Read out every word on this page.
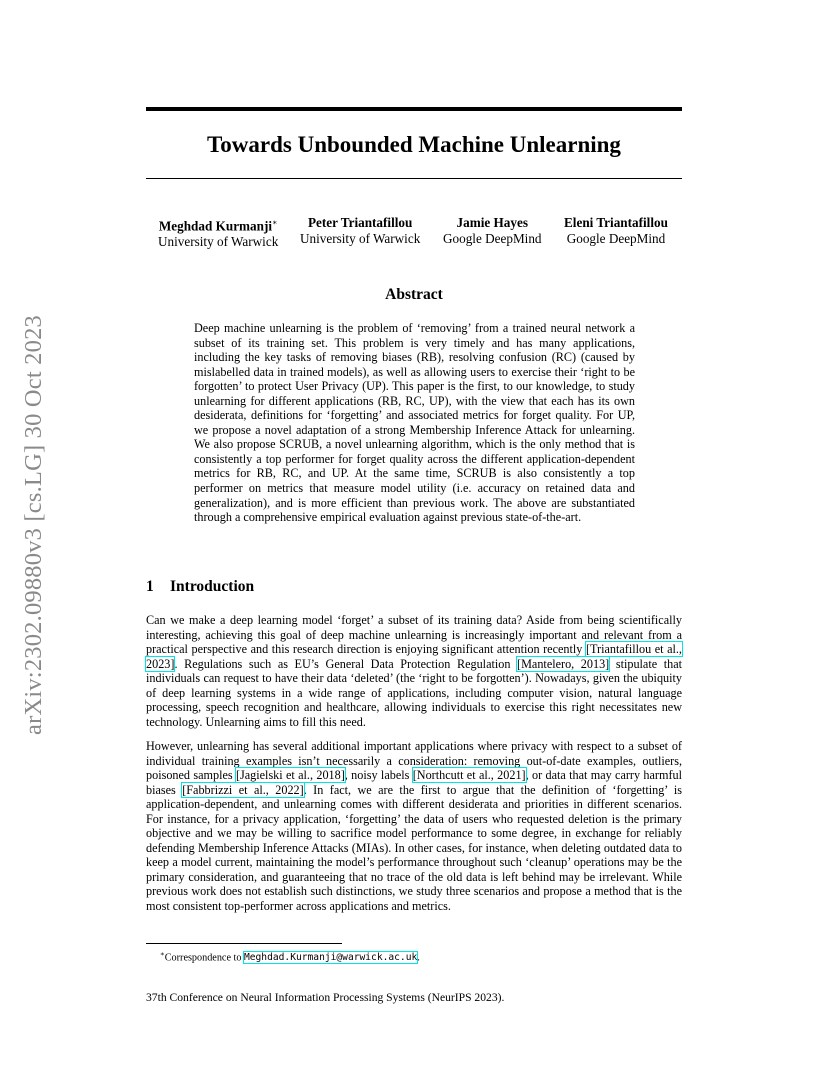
arXiv:2302.09880v3 [cs.LG] 30 Oct 2023
Towards Unbounded Machine Unlearning
Meghdad Kurmanji∗
University of Warwick
Peter Triantafillou
University of Warwick
Jamie Hayes
Google DeepMind
Eleni Triantafillou
Google DeepMind
Abstract

Deep machine unlearning is the problem of ‘removing’ from a trained neural network a subset of its training set. This problem is very timely and has many applications, including the key tasks of removing biases (RB), resolving confusion (RC) (caused by mislabelled data in trained models), as well as allowing users to exercise their ‘right to be forgotten’ to protect User Privacy (UP). This paper is the first, to our knowledge, to study unlearning for different applications (RB, RC, UP), with the view that each has its own desiderata, definitions for ‘forgetting’ and associated metrics for forget quality. For UP, we propose a novel adaptation of a strong Membership Inference Attack for unlearning. We also propose SCRUB, a novel unlearning algorithm, which is the only method that is consistently a top performer for forget quality across the different application-dependent metrics for RB, RC, and UP. At the same time, SCRUB is also consistently a top performer on metrics that measure model utility (i.e. accuracy on retained data and generalization), and is more efficient than previous work. The above are substantiated through a comprehensive empirical evaluation against previous state-of-the-art.

1 Introduction

Can we make a deep learning model ‘forget’ a subset of its training data? Aside from being scientifically interesting, achieving this goal of deep machine unlearning is increasingly important and relevant from a practical perspective and this research direction is enjoying significant attention recently [Triantafillou et al., 2023]. Regulations such as EU’s General Data Protection Regulation [Mantelero, 2013] stipulate that individuals can request to have their data ‘deleted’ (the ‘right to be forgotten’). Nowadays, given the ubiquity of deep learning systems in a wide range of applications, including computer vision, natural language processing, speech recognition and healthcare, allowing individuals to exercise this right necessitates new technology. Unlearning aims to fill this need.

However, unlearning has several additional important applications where privacy with respect to a subset of individual training examples isn’t necessarily a consideration: removing out-of-date examples, outliers, poisoned samples [Jagielski et al., 2018], noisy labels [Northcutt et al., 2021], or data that may carry harmful biases [Fabbrizzi et al., 2022]. In fact, we are the first to argue that the definition of ‘forgetting’ is application-dependent, and unlearning comes with different desiderata and priorities in different scenarios. For instance, for a privacy application, ‘forgetting’ the data of users who requested deletion is the primary objective and we may be willing to sacrifice model performance to some degree, in exchange for reliably defending Membership Inference Attacks (MIAs). In other cases, for instance, when deleting outdated data to keep a model current, maintaining the model’s performance throughout such ‘cleanup’ operations may be the primary consideration, and guaranteeing that no trace of the old data is left behind may be irrelevant. While previous work does not establish such distinctions, we study three scenarios and propose a method that is the most consistent top-performer across applications and metrics.

∗Correspondence to Meghdad.Kurmanji@warwick.ac.uk.

37th Conference on Neural Information Processing Systems (NeurIPS 2023).
